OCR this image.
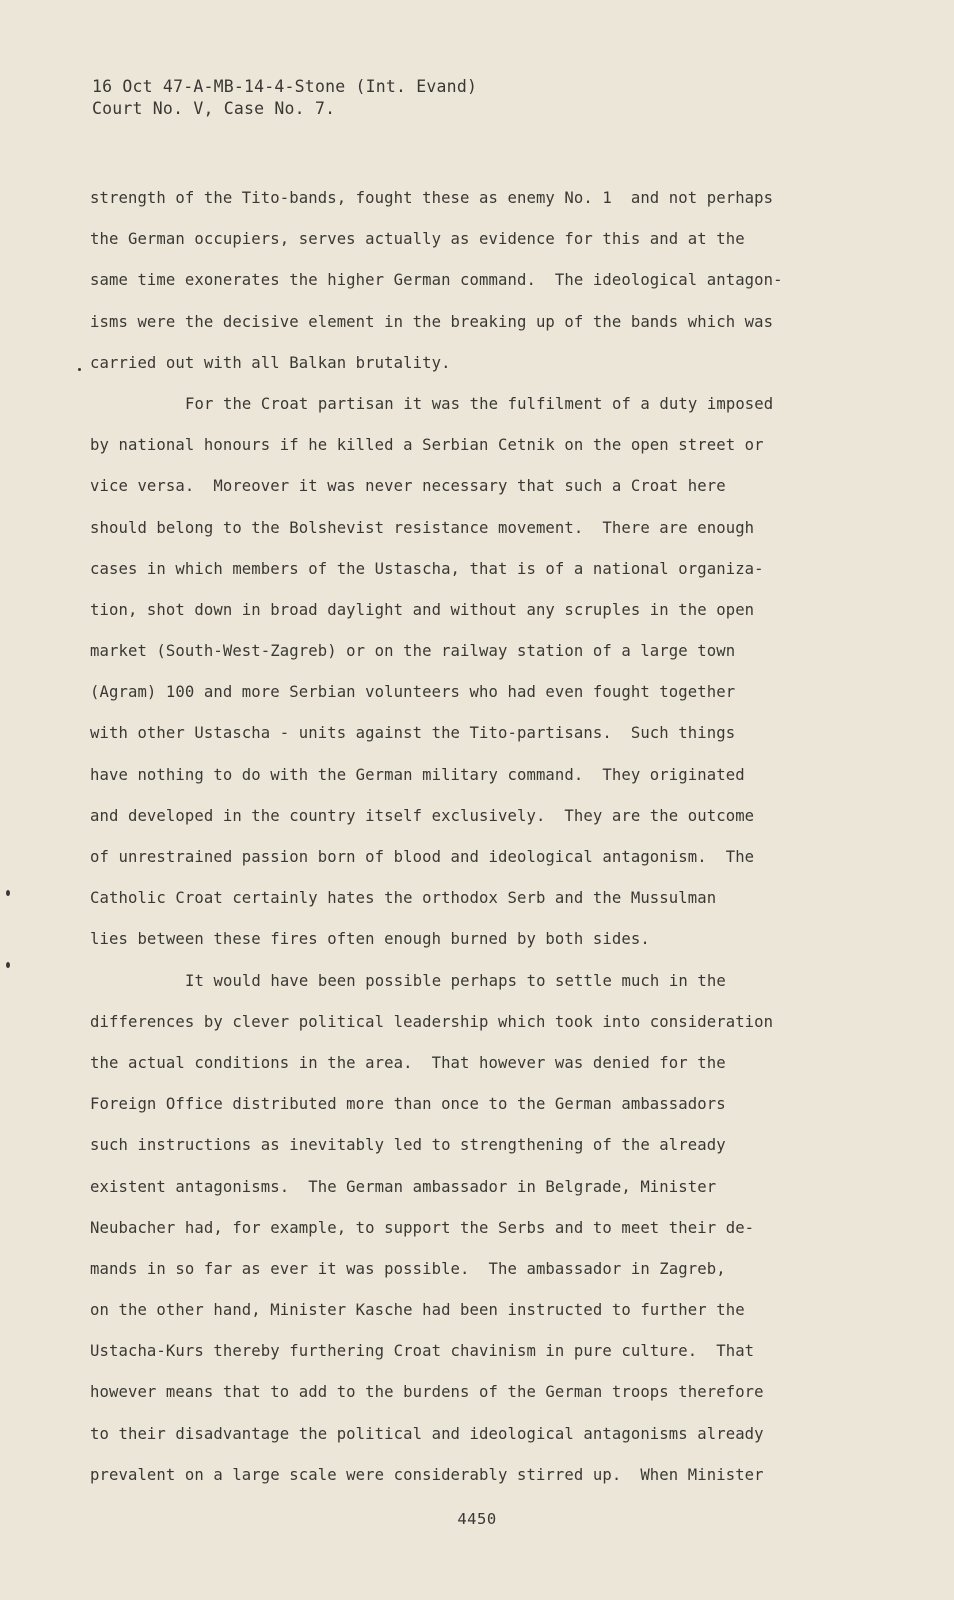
16 Oct 47-A-MB-14-4-Stone (Int. Evand)
Court No. V, Case No. 7.
strength of the Tito-bands, fought these as enemy No. 1  and not perhaps
the German occupiers, serves actually as evidence for this and at the
same time exonerates the higher German command.  The ideological antagon-
isms were the decisive element in the breaking up of the bands which was
carried out with all Balkan brutality.
For the Croat partisan it was the fulfilment of a duty imposed
by national honours if he killed a Serbian Cetnik on the open street or
vice versa.  Moreover it was never necessary that such a Croat here
should belong to the Bolshevist resistance movement.  There are enough
cases in which members of the Ustascha, that is of a national organiza-
tion, shot down in broad daylight and without any scruples in the open
market (South-West-Zagreb) or on the railway station of a large town
(Agram) 100 and more Serbian volunteers who had even fought together
with other Ustascha - units against the Tito-partisans.  Such things
have nothing to do with the German military command.  They originated
and developed in the country itself exclusively.  They are the outcome
of unrestrained passion born of blood and ideological antagonism.  The
Catholic Croat certainly hates the orthodox Serb and the Mussulman
lies between these fires often enough burned by both sides.
It would have been possible perhaps to settle much in the
differences by clever political leadership which took into consideration
the actual conditions in the area.  That however was denied for the
Foreign Office distributed more than once to the German ambassadors
such instructions as inevitably led to strengthening of the already
existent antagonisms.  The German ambassador in Belgrade, Minister
Neubacher had, for example, to support the Serbs and to meet their de-
mands in so far as ever it was possible.  The ambassador in Zagreb,
on the other hand, Minister Kasche had been instructed to further the
Ustacha-Kurs thereby furthering Croat chavinism in pure culture.  That
however means that to add to the burdens of the German troops therefore
to their disadvantage the political and ideological antagonisms already
prevalent on a large scale were considerably stirred up.  When Minister
4450
